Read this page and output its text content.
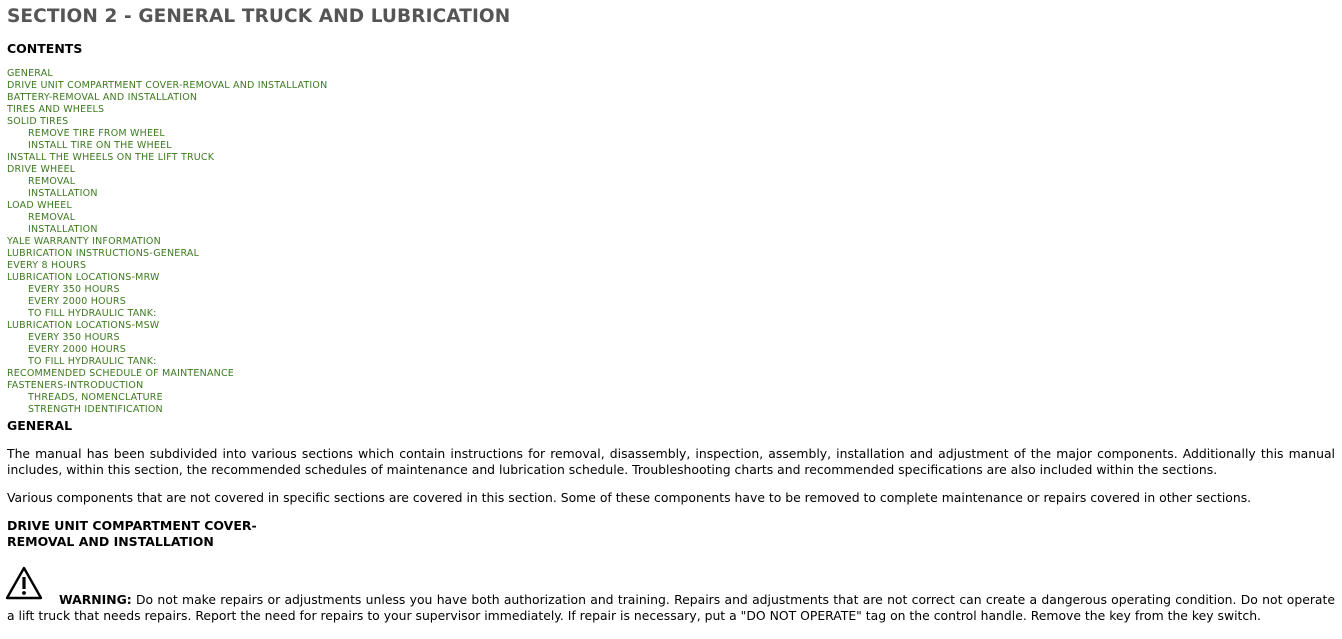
SECTION 2 - GENERAL TRUCK AND LUBRICATION
CONTENTS
GENERAL
DRIVE UNIT COMPARTMENT COVER-REMOVAL AND INSTALLATION
BATTERY-REMOVAL AND INSTALLATION
TIRES AND WHEELS
SOLID TIRES
REMOVE TIRE FROM WHEEL
INSTALL TIRE ON THE WHEEL
INSTALL THE WHEELS ON THE LIFT TRUCK
DRIVE WHEEL
REMOVAL
INSTALLATION
LOAD WHEEL
REMOVAL
INSTALLATION
YALE WARRANTY INFORMATION
LUBRICATION INSTRUCTIONS-GENERAL
EVERY 8 HOURS
LUBRICATION LOCATIONS-MRW
EVERY 350 HOURS
EVERY 2000 HOURS
TO FILL HYDRAULIC TANK:
LUBRICATION LOCATIONS-MSW
EVERY 350 HOURS
EVERY 2000 HOURS
TO FILL HYDRAULIC TANK:
RECOMMENDED SCHEDULE OF MAINTENANCE
FASTENERS-INTRODUCTION
THREADS, NOMENCLATURE
STRENGTH IDENTIFICATION
GENERAL

The manual has been subdivided into various sections which contain instructions for removal, disassembly, inspection, assembly, installation and adjustment of the major components. Additionally this manual includes, within this section, the recommended schedules of maintenance and lubrication schedule. Troubleshooting charts and recommended specifications are also included within the sections.

Various components that are not covered in specific sections are covered in this section. Some of these components have to be removed to complete maintenance or repairs covered in other sections.

DRIVE UNIT COMPARTMENT COVER-
REMOVAL AND INSTALLATION
WARNING: Do not make repairs or adjustments unless you have both authorization and training. Repairs and adjustments that are not correct can create a dangerous operating condition. Do not operate a lift truck that needs repairs. Report the need for repairs to your supervisor immediately. If repair is necessary, put a "DO NOT OPERATE" tag on the control handle. Remove the key from the key switch.
